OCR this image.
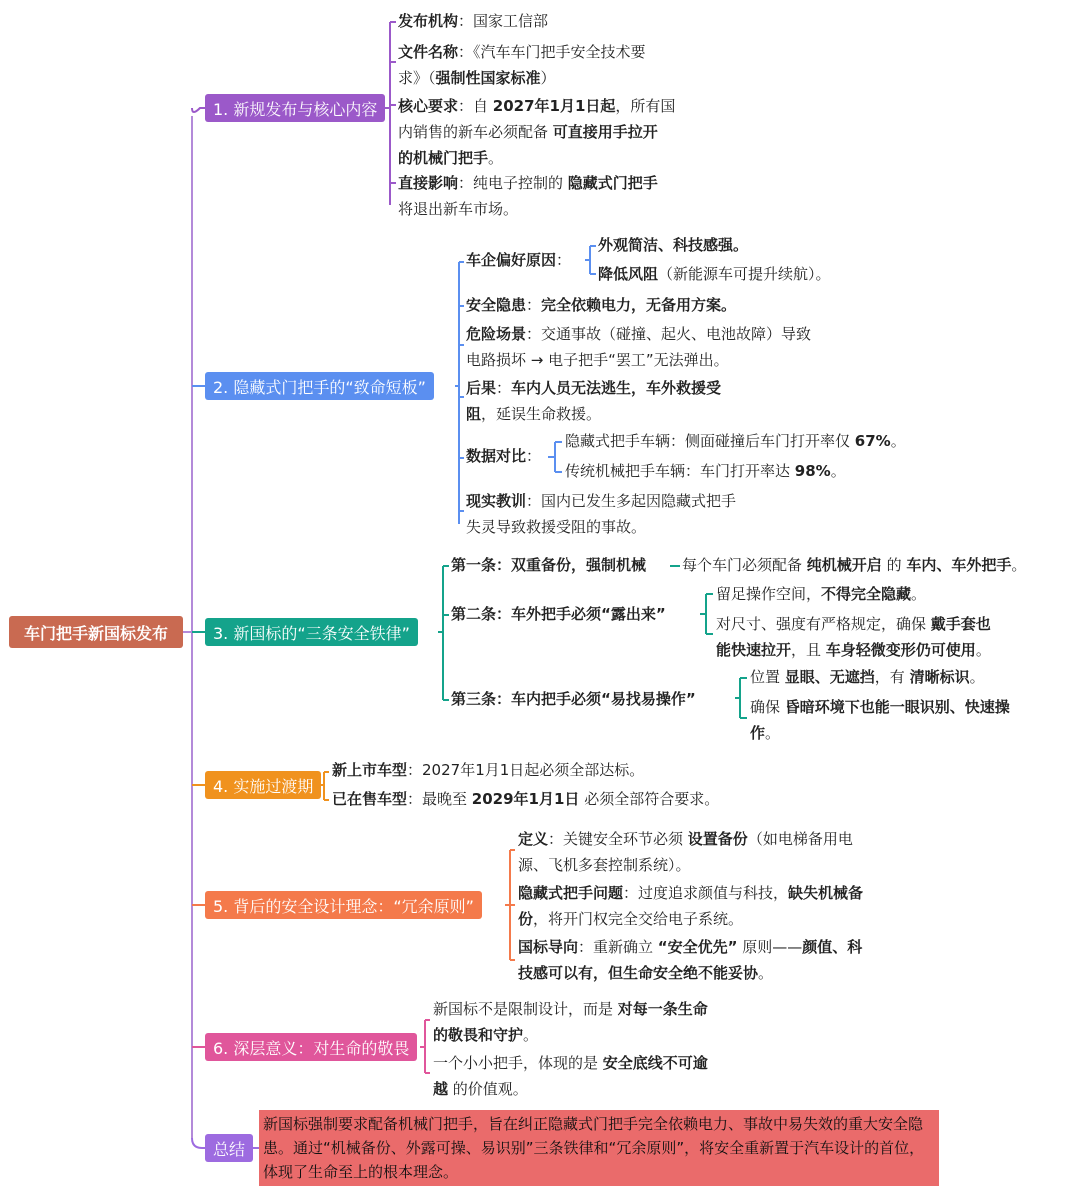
车门把手新国标发布
1. 新规发布与核心内容
2. 隐藏式门把手的“致命短板”
3. 新国标的“三条安全铁律”
4. 实施过渡期
5. 背后的安全设计理念：“冗余原则”
6. 深层意义：对生命的敬畏
总结
发布机构：国家工信部
文件名称：《汽车车门把手安全技术要
求》（强制性国家标准）
核心要求：自 2027年1月1日起，所有国
内销售的新车必须配备 可直接用手拉开
的机械门把手。
直接影响：纯电子控制的 隐藏式门把手
将退出新车市场。
车企偏好原因：
外观简洁、科技感强。
降低风阻（新能源车可提升续航）。
安全隐患：完全依赖电力，无备用方案。
危险场景：交通事故（碰撞、起火、电池故障）导致
电路损坏 → 电子把手“罢工”无法弹出。
后果：车内人员无法逃生，车外救援受
阻，延误生命救援。
数据对比：
隐藏式把手车辆：侧面碰撞后车门打开率仅 67%。
传统机械把手车辆：车门打开率达 98%。
现实教训：国内已发生多起因隐藏式把手
失灵导致救援受阻的事故。
第一条：双重备份，强制机械 每个车门必须配备 纯机械开启 的 车内、车外把手。
第二条：车外把手必须“露出来”
留足操作空间，不得完全隐藏。
对尺寸、强度有严格规定，确保 戴手套也
能快速拉开，且 车身轻微变形仍可使用。
第三条：车内把手必须“易找易操作”
位置 显眼、无遮挡，有 清晰标识。
确保 昏暗环境下也能一眼识别、快速操
作。
新上市车型：2027年1月1日起必须全部达标。
已在售车型：最晚至 2029年1月1日 必须全部符合要求。
定义：关键安全环节必须 设置备份（如电梯备用电
源、飞机多套控制系统）。
隐藏式把手问题：过度追求颜值与科技，缺失机械备
份，将开门权完全交给电子系统。
国标导向：重新确立 “安全优先” 原则——颜值、科
技感可以有，但生命安全绝不能妥协。
新国标不是限制设计，而是 对每一条生命
的敬畏和守护。
一个小小把手，体现的是 安全底线不可逾
越 的价值观。
新国标强制要求配备机械门把手，旨在纠正隐藏式门把手完全依赖电力、事故中易失效的重大安全隐患。通过“机械备份、外露可操、易识别”三条铁律和“冗余原则”，将安全重新置于汽车设计的首位，体现了生命至上的根本理念。
